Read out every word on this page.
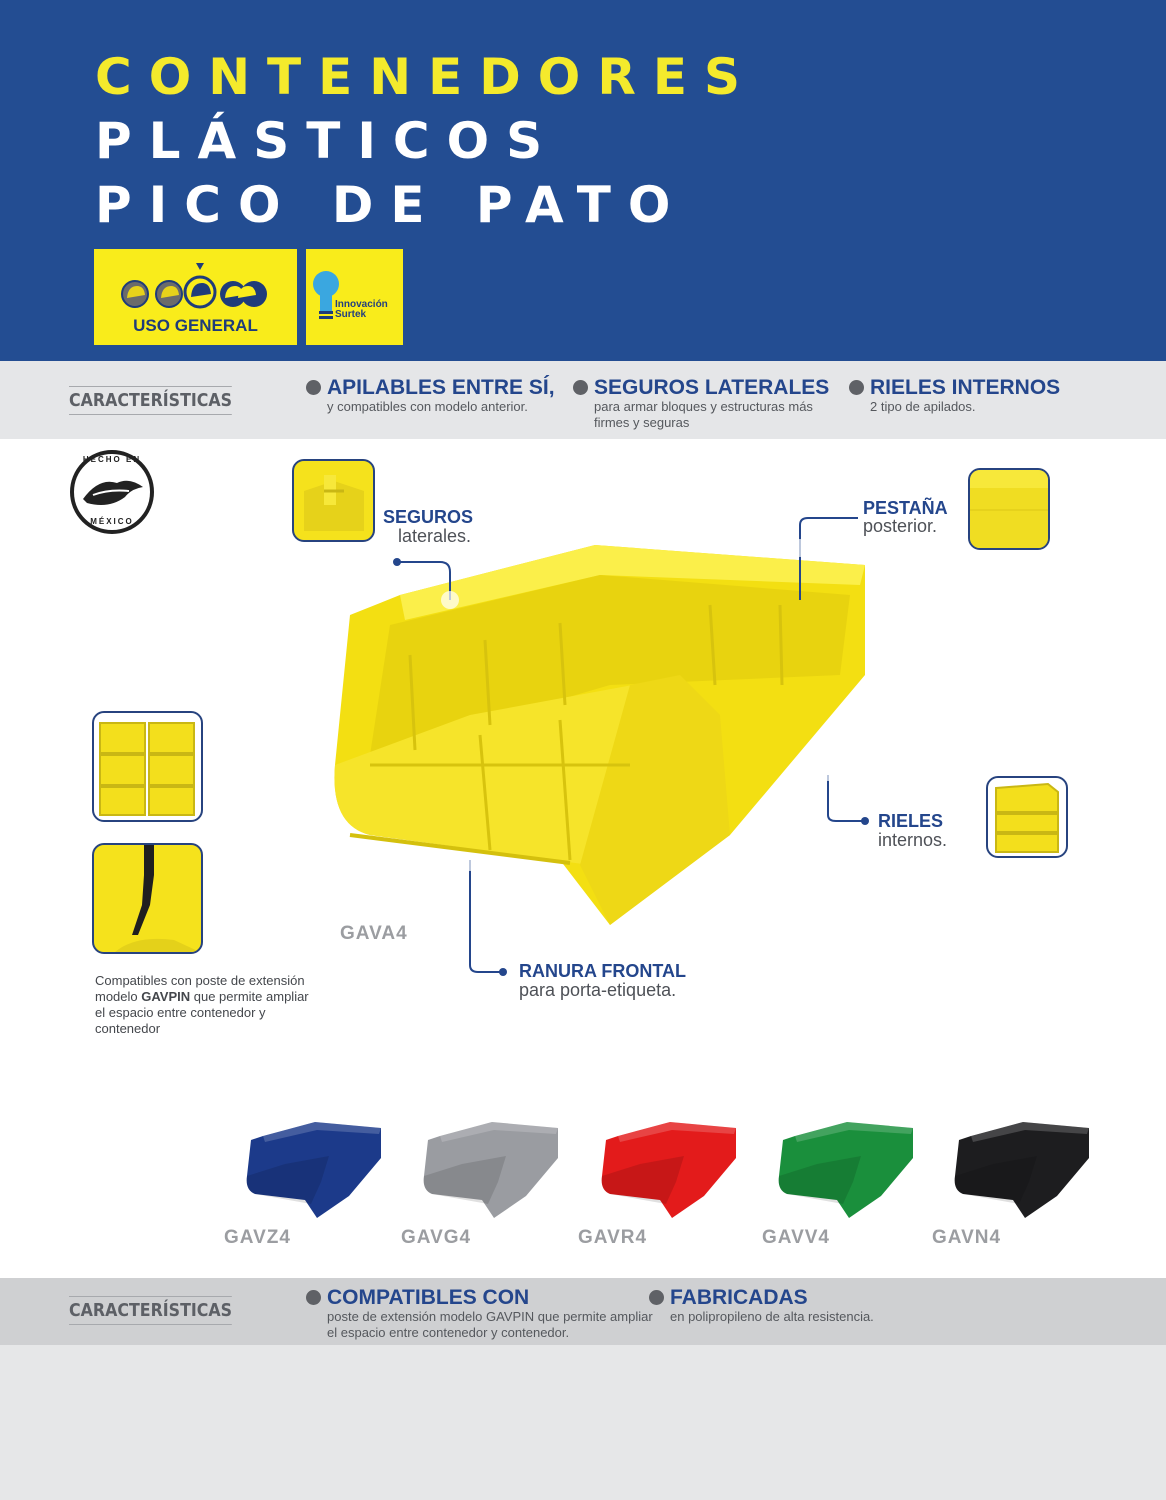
CONTENEDORES
PLÁSTICOS
PICO DE PATO
USO GENERAL
Innovación
Surtek
CARACTERÍSTICAS
APILABLES ENTRE SÍ,
y compatibles con modelo anterior.
SEGUROS LATERALES
para armar bloques y estructuras más firmes y seguras
RIELES INTERNOS
2 tipo de apilados.
HECHO EN
MÉXICO	SEGUROS
laterales.
PESTAÑA
posterior.
RIELES
internos.
RANURA FRONTAL
para porta-etiqueta.
GAVA4
Compatibles con poste de extensión modelo GAVPIN que permite ampliar el espacio entre contenedor y contenedor
GAVZ4	GAVG4	GAVR4	GAVV4	GAVN4
CARACTERÍSTICAS
COMPATIBLES CON
poste de extensión modelo GAVPIN que permite ampliar el espacio entre contenedor y contenedor.
FABRICADAS
en polipropileno de alta resistencia.
